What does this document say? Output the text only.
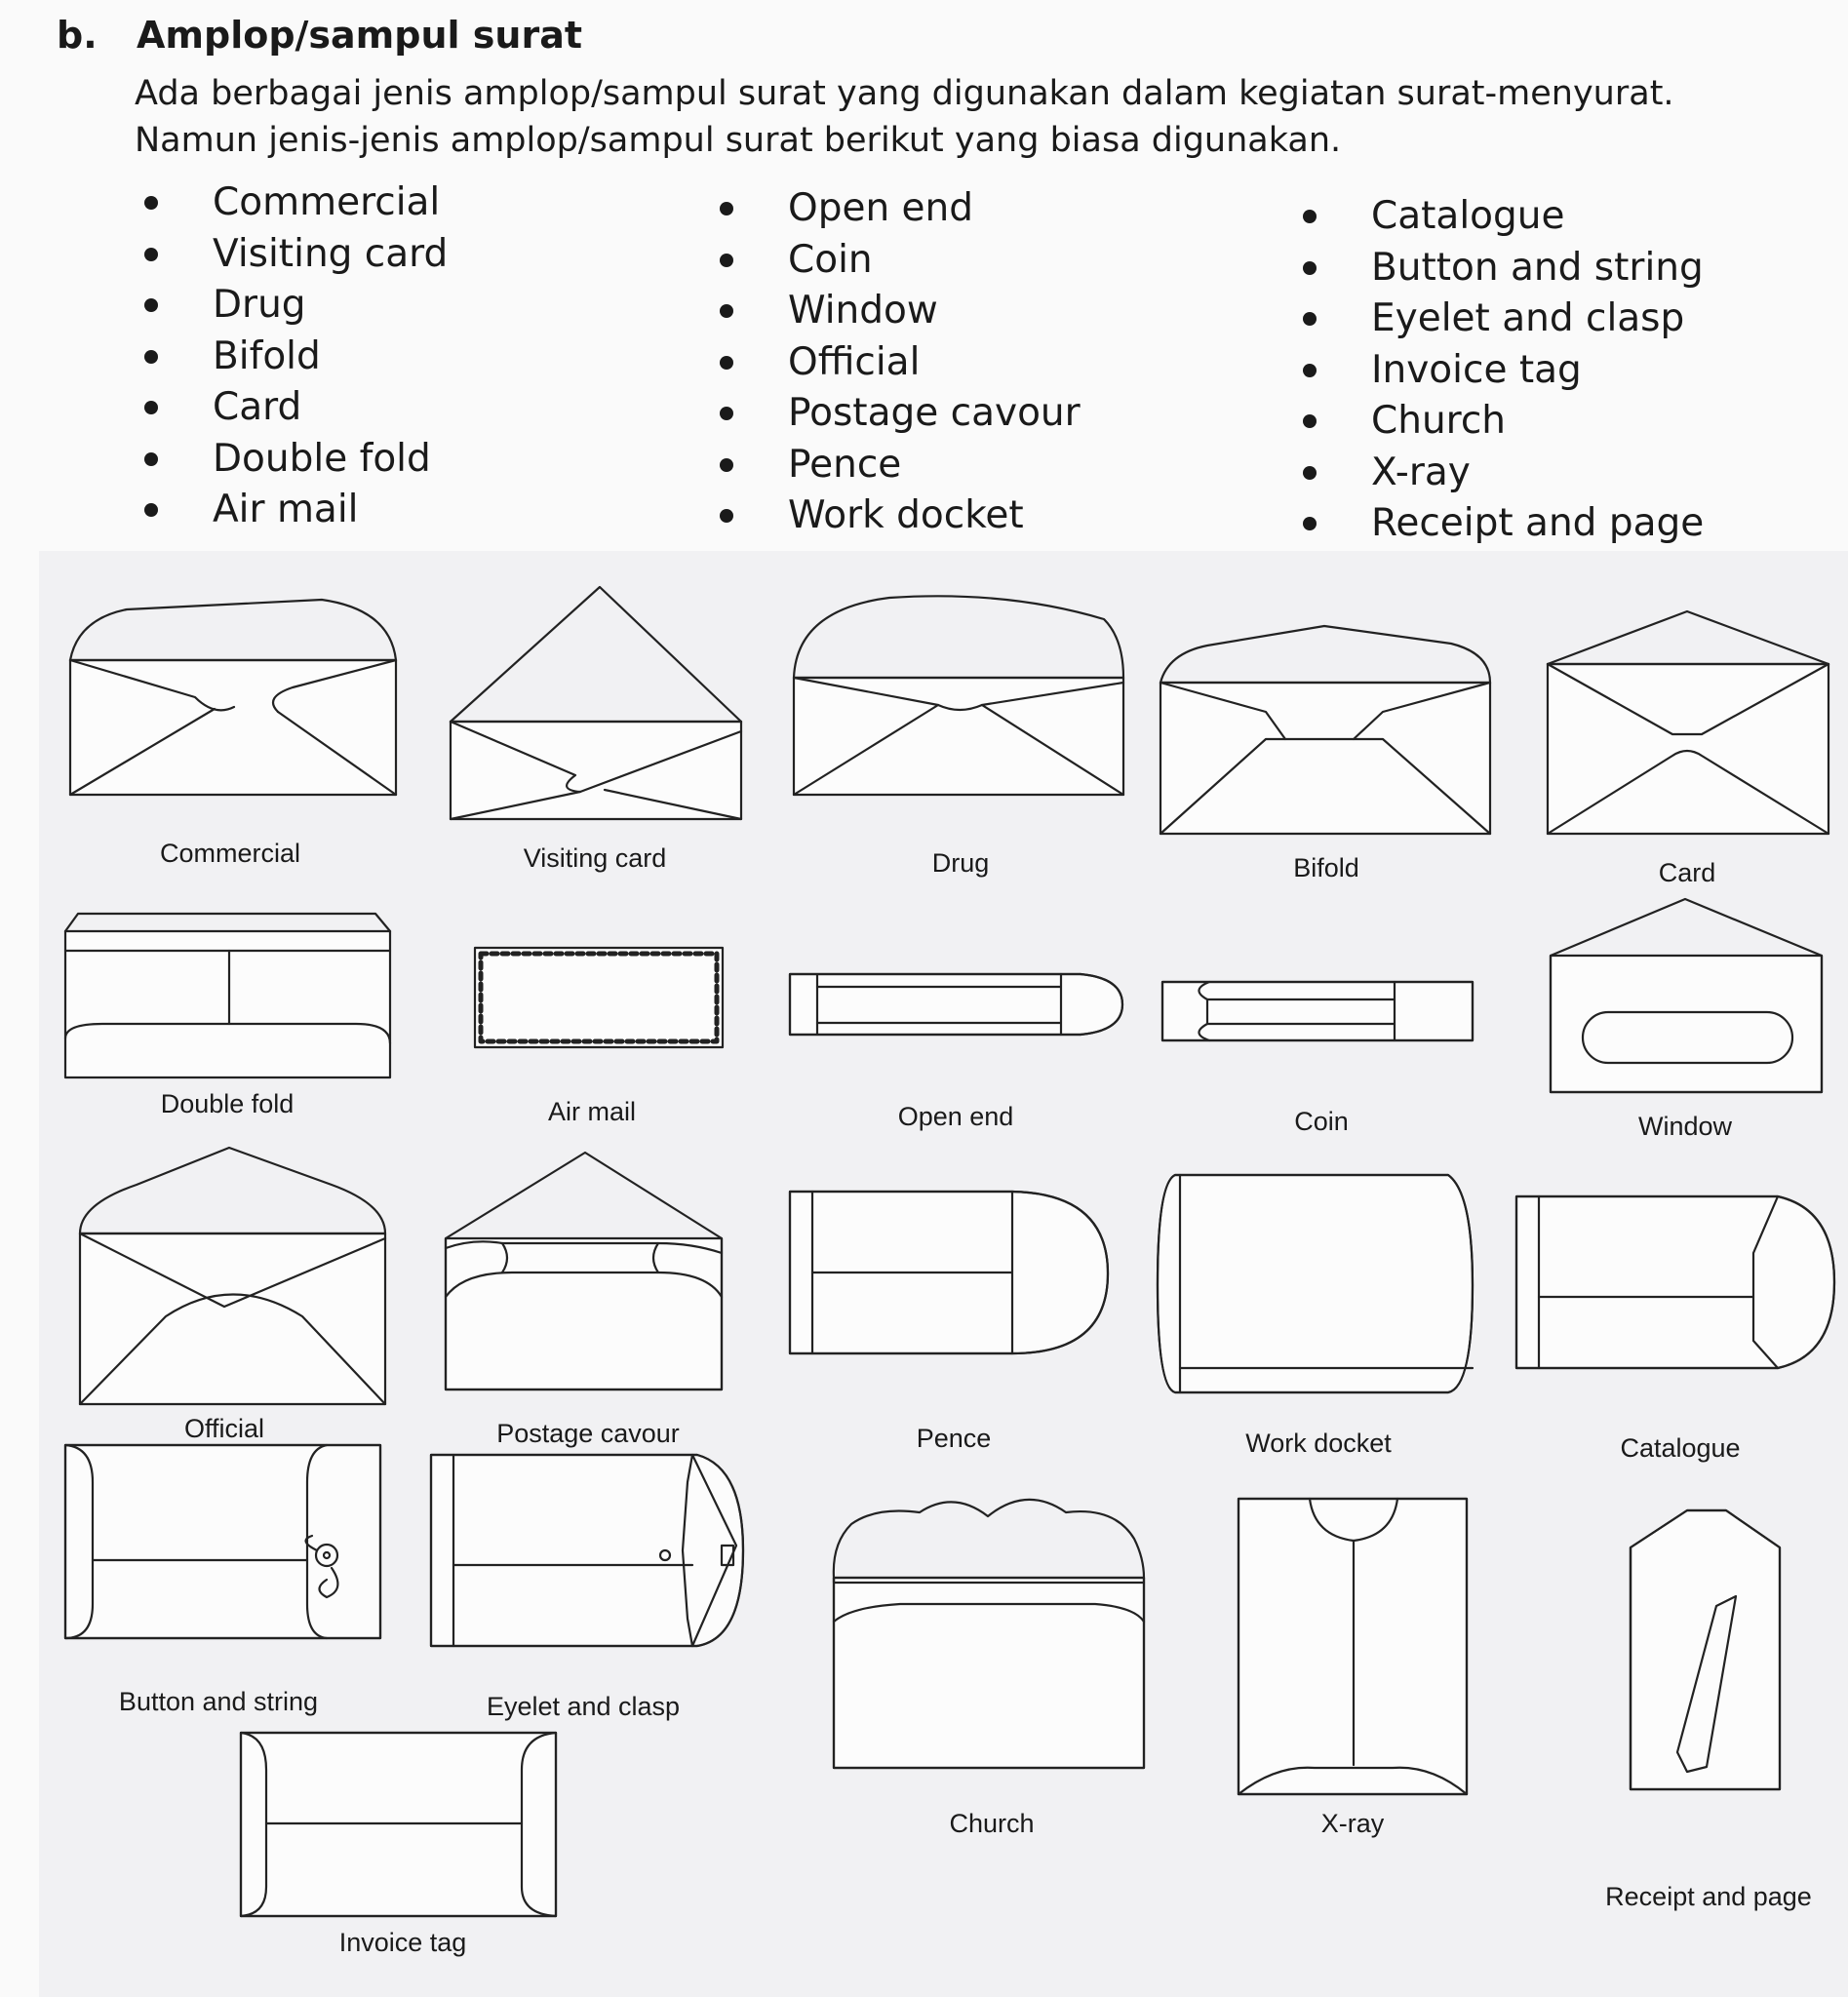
b. Amplop/sampul surat

Ada berbagai jenis amplop/sampul surat yang digunakan dalam kegiatan surat-menyurat.

Namun jenis-jenis amplop/sampul surat berikut yang biasa digunakan.

Commercial
Visiting card
Drug
Bifold
Card
Double fold
Air mail
Open end
Coin
Window
Official
Postage cavour
Pence
Work docket
Catalogue
Button and string
Eyelet and clasp
Invoice tag
Church
X-ray
Receipt and page
Commercial	Visiting card	Drug	Bifold	Card
Double fold	Air mail	Open end	Coin	Window
Official	Postage cavour	Pence	Work docket	Catalogue
Button and string	Eyelet and clasp
Church	X-ray
Receipt and page
Invoice tag
